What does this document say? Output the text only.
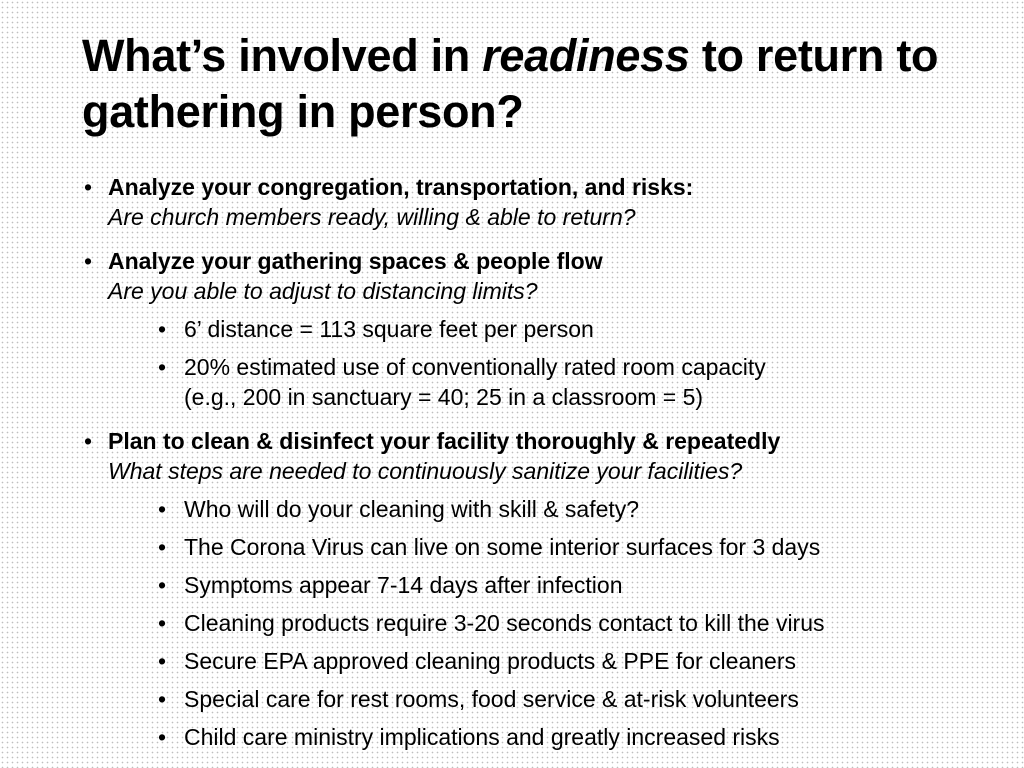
What’s involved in readiness to return to gathering in person?
• Analyze your congregation, transportation, and risks:
Are church members ready, willing & able to return?
• Analyze your gathering spaces & people flow
Are you able to adjust to distancing limits?
• 6’ distance = 113 square feet per person
• 20% estimated use of conventionally rated room capacity
(e.g., 200 in sanctuary = 40; 25 in a classroom = 5)
• Plan to clean & disinfect your facility thoroughly & repeatedly
What steps are needed to continuously sanitize your facilities?
• Who will do your cleaning with skill & safety?
• The Corona Virus can live on some interior surfaces for 3 days
• Symptoms appear 7-14 days after infection
• Cleaning products require 3-20 seconds contact to kill the virus
• Secure EPA approved cleaning products & PPE for cleaners
• Special care for rest rooms, food service & at-risk volunteers
• Child care ministry implications and greatly increased risks
